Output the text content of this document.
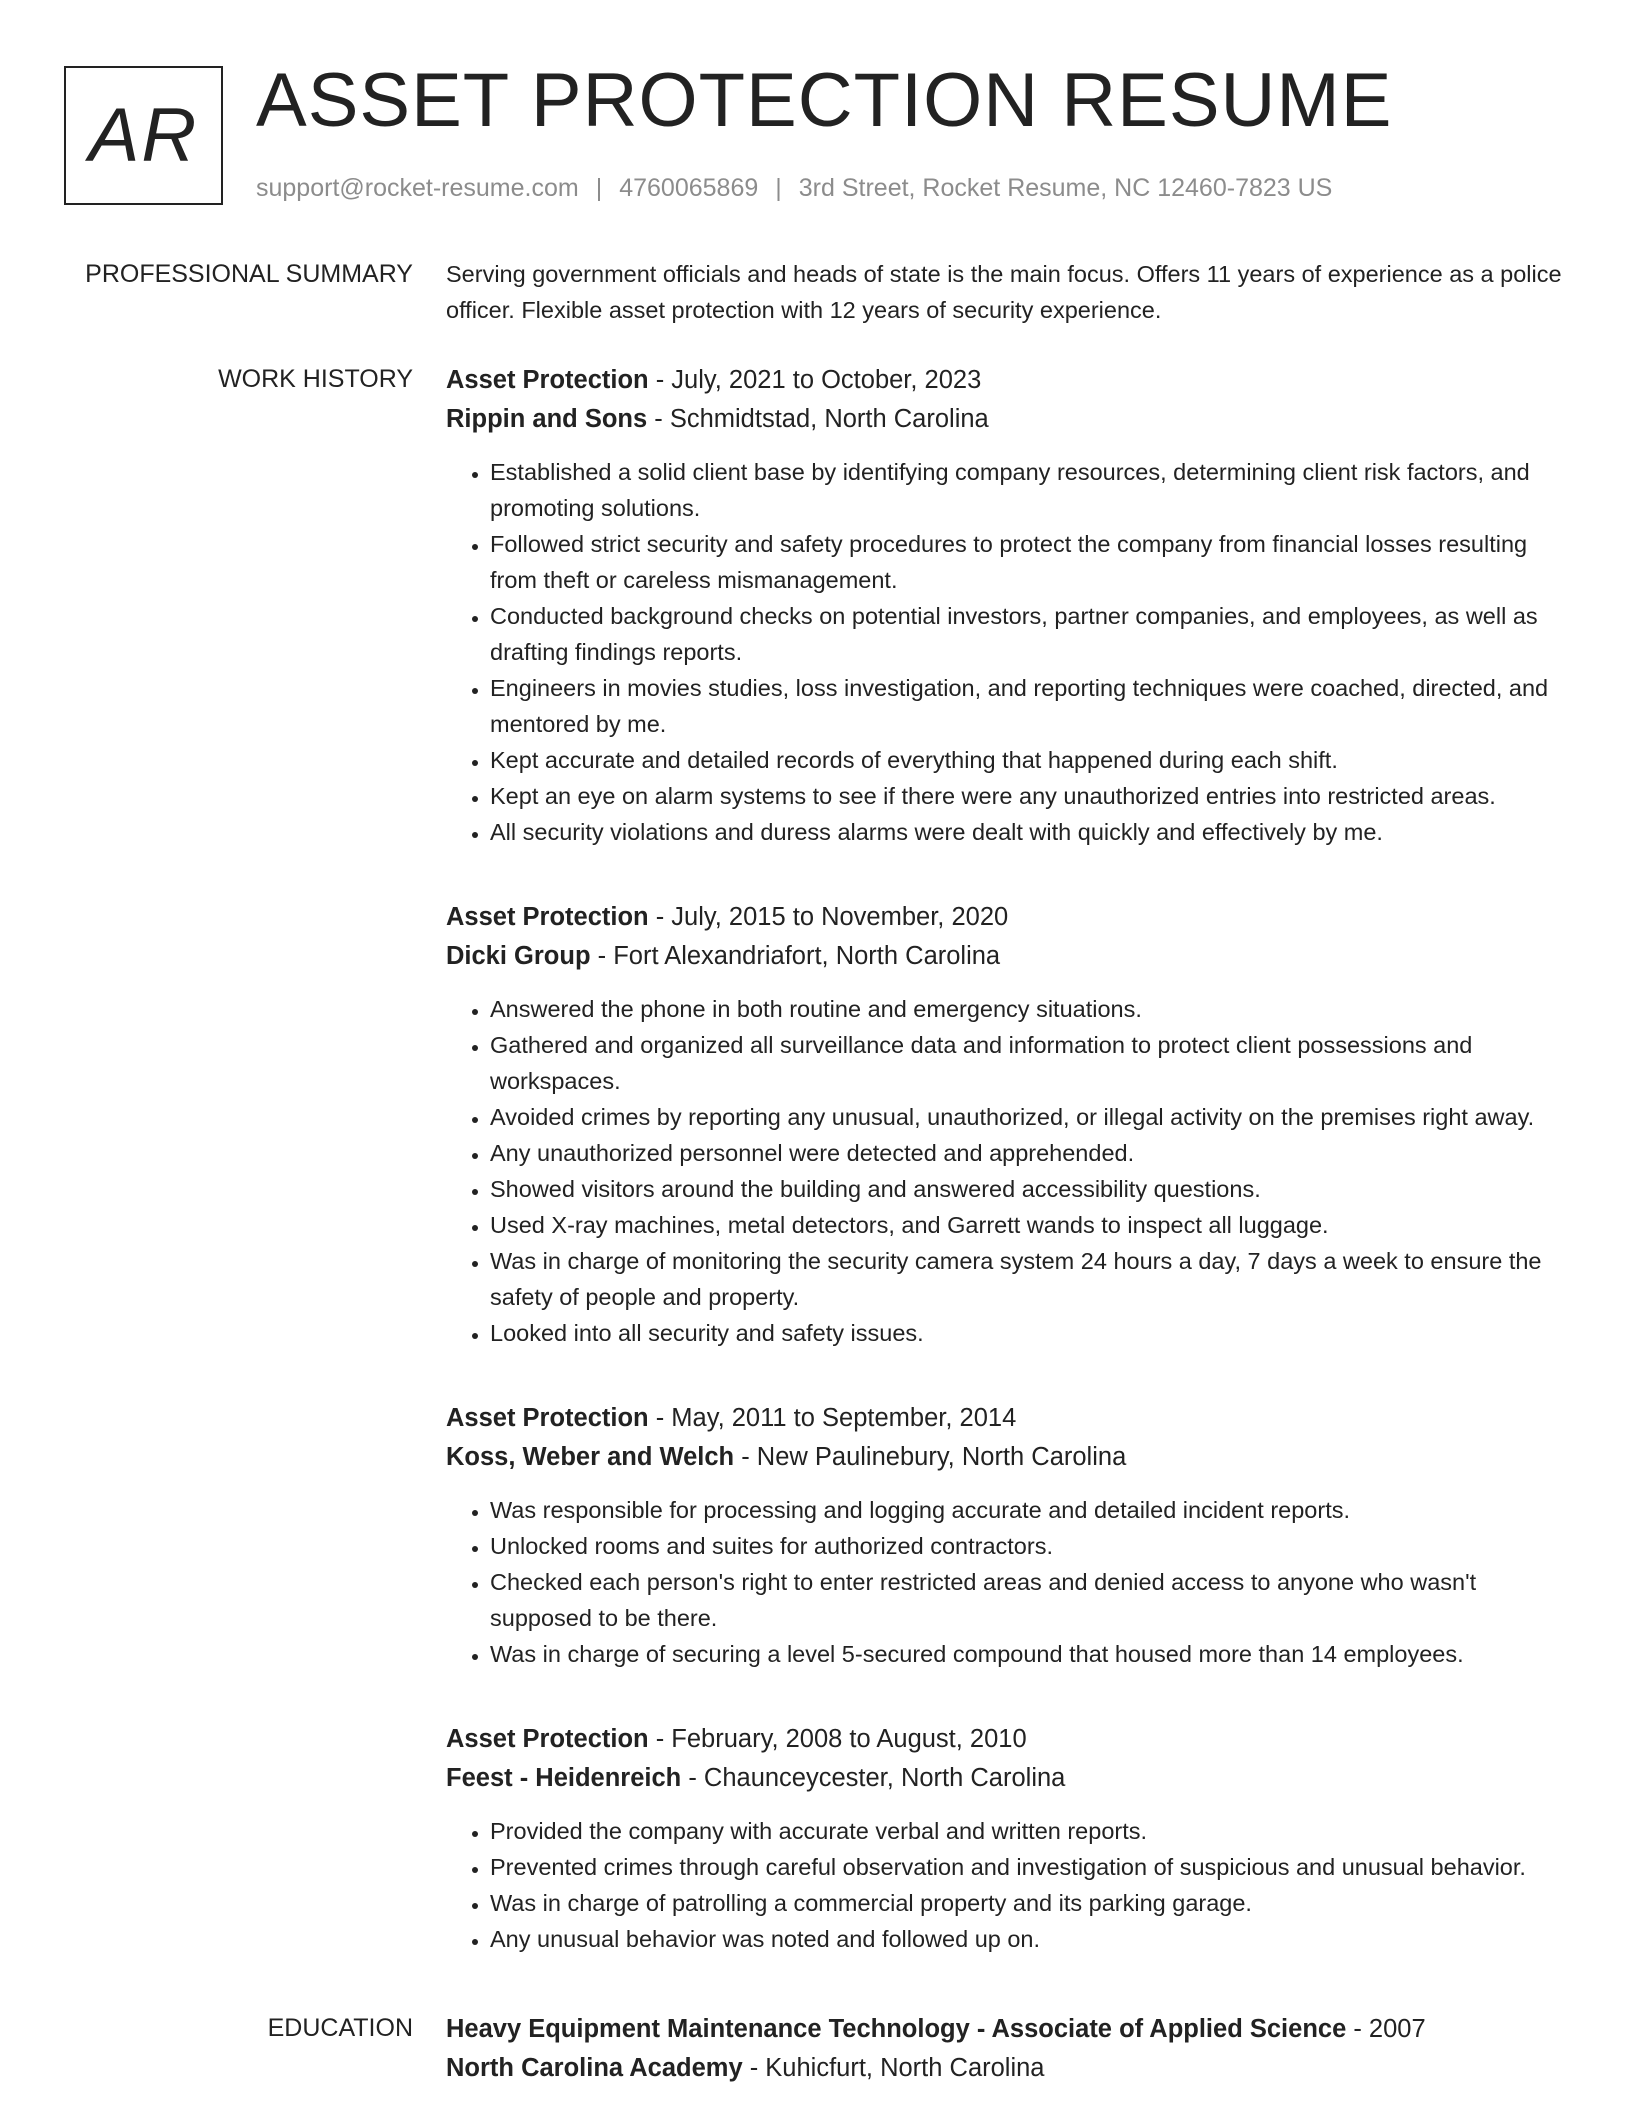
AR ASSET PROTECTION RESUME
support@rocket-resume.com | 4760065869 | 3rd Street, Rocket Resume, NC 12460-7823 US
PROFESSIONAL SUMMARY Serving government officials and heads of state is the main focus. Offers 11 years of experience as a police officer. Flexible asset protection with 12 years of security experience.

WORK HISTORY Asset Protection - July, 2021 to October, 2023
Rippin and Sons - Schmidtstad, North Carolina
• Established a solid client base by identifying company resources, determining client risk factors, and promoting solutions.
• Followed strict security and safety procedures to protect the company from financial losses resulting from theft or careless mismanagement.
• Conducted background checks on potential investors, partner companies, and employees, as well as drafting findings reports.
• Engineers in movies studies, loss investigation, and reporting techniques were coached, directed, and mentored by me.
• Kept accurate and detailed records of everything that happened during each shift.
• Kept an eye on alarm systems to see if there were any unauthorized entries into restricted areas.
• All security violations and duress alarms were dealt with quickly and effectively by me.
Asset Protection - July, 2015 to November, 2020
Dicki Group - Fort Alexandriafort, North Carolina
• Answered the phone in both routine and emergency situations.
• Gathered and organized all surveillance data and information to protect client possessions and workspaces.
• Avoided crimes by reporting any unusual, unauthorized, or illegal activity on the premises right away.
• Any unauthorized personnel were detected and apprehended.
• Showed visitors around the building and answered accessibility questions.
• Used X-ray machines, metal detectors, and Garrett wands to inspect all luggage.
• Was in charge of monitoring the security camera system 24 hours a day, 7 days a week to ensure the safety of people and property.
• Looked into all security and safety issues.
Asset Protection - May, 2011 to September, 2014
Koss, Weber and Welch - New Paulinebury, North Carolina
• Was responsible for processing and logging accurate and detailed incident reports.
• Unlocked rooms and suites for authorized contractors.
• Checked each person's right to enter restricted areas and denied access to anyone who wasn't supposed to be there.
• Was in charge of securing a level 5-secured compound that housed more than 14 employees.
Asset Protection - February, 2008 to August, 2010
Feest - Heidenreich - Chaunceycester, North Carolina
• Provided the company with accurate verbal and written reports.
• Prevented crimes through careful observation and investigation of suspicious and unusual behavior.
• Was in charge of patrolling a commercial property and its parking garage.
• Any unusual behavior was noted and followed up on.
EDUCATION Heavy Equipment Maintenance Technology - Associate of Applied Science - 2007
North Carolina Academy - Kuhicfurt, North Carolina
